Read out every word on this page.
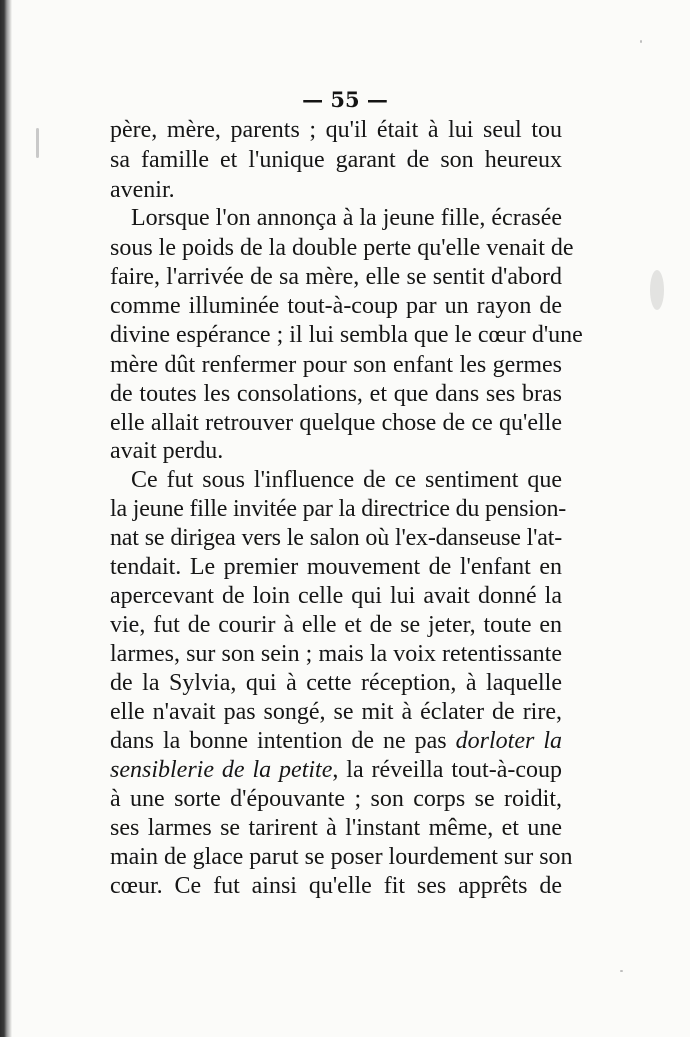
— 55 —
père, mère, parents ; qu'il était à lui seul tou
sa famille et l'unique garant de son heureux
avenir.
Lorsque l'on annonça à la jeune fille, écrasée
sous le poids de la double perte qu'elle venait de
faire, l'arrivée de sa mère, elle se sentit d'abord
comme illuminée tout-à-coup par un rayon de
divine espérance ; il lui sembla que le cœur d'une
mère dût renfermer pour son enfant les germes
de toutes les consolations, et que dans ses bras
elle allait retrouver quelque chose de ce qu'elle
avait perdu.
Ce fut sous l'influence de ce sentiment que
la jeune fille invitée par la directrice du pension-
nat se dirigea vers le salon où l'ex-danseuse l'at-
tendait. Le premier mouvement de l'enfant en
apercevant de loin celle qui lui avait donné la
vie, fut de courir à elle et de se jeter, toute en
larmes, sur son sein ; mais la voix retentissante
de la Sylvia, qui à cette réception, à laquelle
elle n'avait pas songé, se mit à éclater de rire,
dans la bonne intention de ne pas dorloter la
sensiblerie de la petite, la réveilla tout-à-coup
à une sorte d'épouvante ; son corps se roidit,
ses larmes se tarirent à l'instant même, et une
main de glace parut se poser lourdement sur son
cœur. Ce fut ainsi qu'elle fit ses apprêts de
